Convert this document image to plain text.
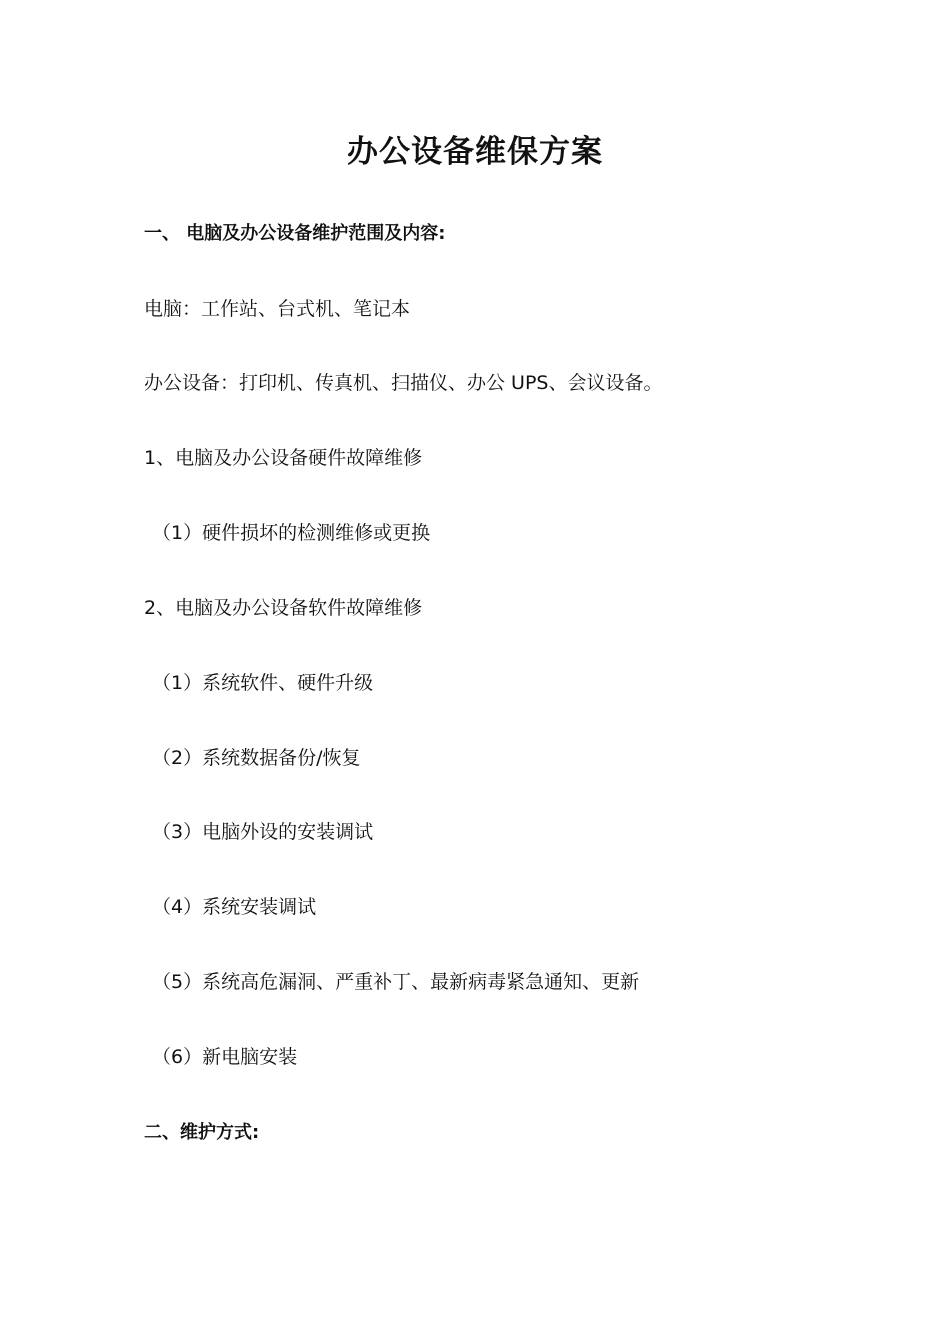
办公设备维保方案
一、 电脑及办公设备维护范围及内容:
电脑：工作站、台式机、笔记本
办公设备：打印机、传真机、扫描仪、办公 UPS、会议设备。
1、电脑及办公设备硬件故障维修
（1）硬件损坏的检测维修或更换
2、电脑及办公设备软件故障维修
（1）系统软件、硬件升级
（2）系统数据备份/恢复
（3）电脑外设的安装调试
（4）系统安装调试
（5）系统高危漏洞、严重补丁、最新病毒紧急通知、更新
（6）新电脑安装
二、维护方式:
